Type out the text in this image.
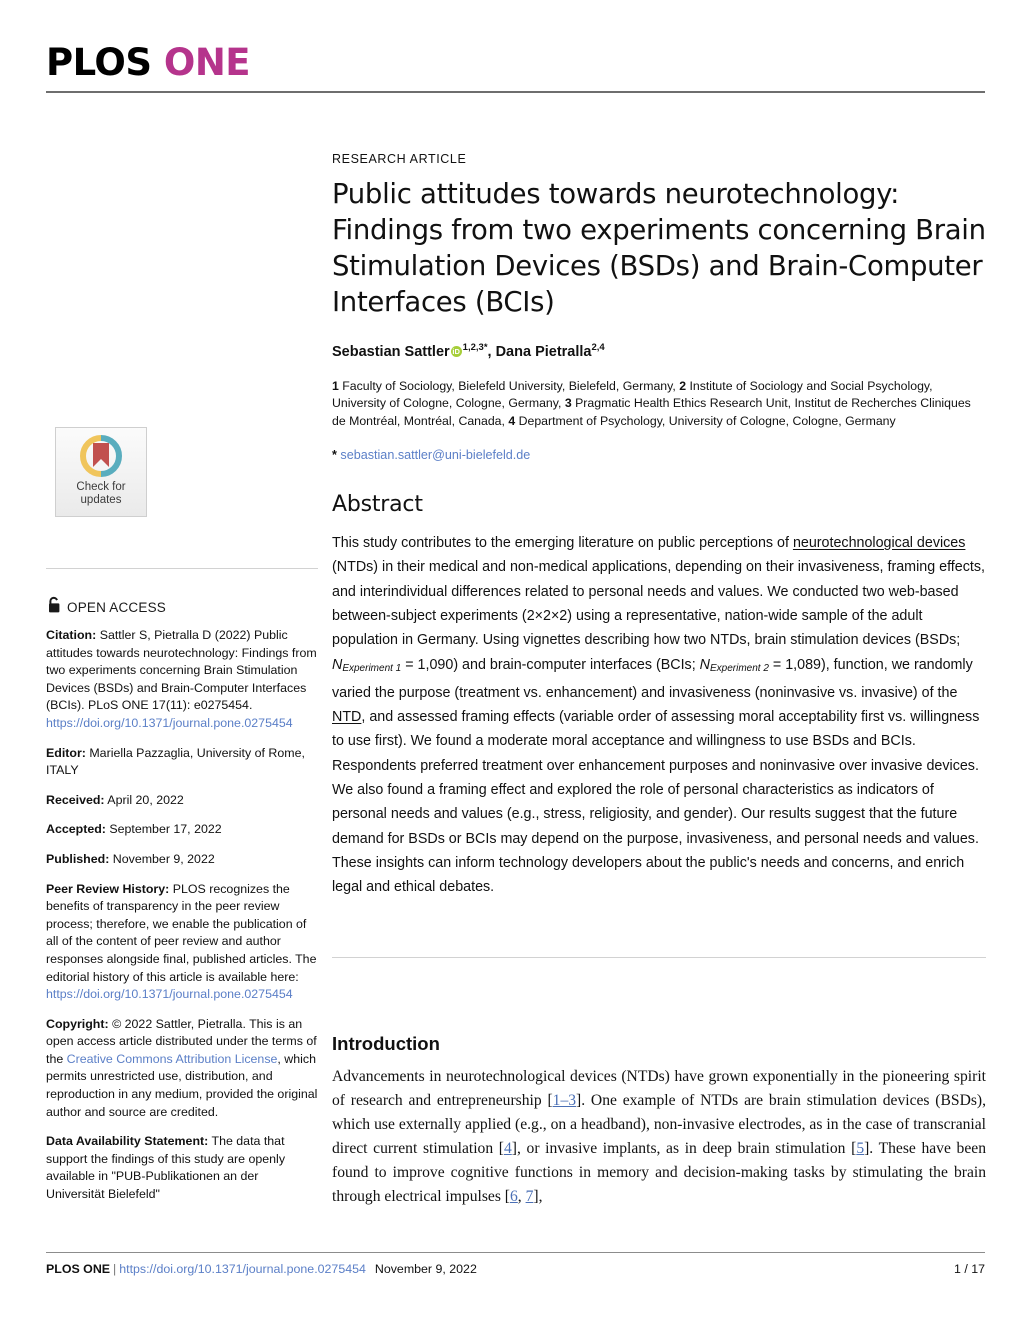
PLOS ONE
Check for
updates
OPEN ACCESS
Citation: Sattler S, Pietralla D (2022) Public attitudes towards neurotechnology: Findings from two experiments concerning Brain Stimulation Devices (BSDs) and Brain-Computer Interfaces (BCIs). PLoS ONE 17(11): e0275454. https://doi.org/10.1371/journal.pone.0275454
Editor: Mariella Pazzaglia, University of Rome, ITALY
Received: April 20, 2022
Accepted: September 17, 2022
Published: November 9, 2022
Peer Review History: PLOS recognizes the benefits of transparency in the peer review process; therefore, we enable the publication of all of the content of peer review and author responses alongside final, published articles. The editorial history of this article is available here: https://doi.org/10.1371/journal.pone.0275454
Copyright: © 2022 Sattler, Pietralla. This is an open access article distributed under the terms of the Creative Commons Attribution License, which permits unrestricted use, distribution, and reproduction in any medium, provided the original author and source are credited.
Data Availability Statement: The data that support the findings of this study are openly available in "PUB-Publikationen an der Universität Bielefeld"
RESEARCH ARTICLE
Public attitudes towards neurotechnology: Findings from two experiments concerning Brain Stimulation Devices (BSDs) and Brain-Computer Interfaces (BCIs)
Sebastian Sattler iD $^{1,2,3*}$, Dana Pietralla$^{2,4}$
1 Faculty of Sociology, Bielefeld University, Bielefeld, Germany, 2 Institute of Sociology and Social Psychology, University of Cologne, Cologne, Germany, 3 Pragmatic Health Ethics Research Unit, Institut de Recherches Cliniques de Montréal, Montréal, Canada, 4 Department of Psychology, University of Cologne, Cologne, Germany
* sebastian.sattler@uni-bielefeld.de
Abstract

This study contributes to the emerging literature on public perceptions of neurotechnological devices (NTDs) in their medical and non-medical applications, depending on their invasiveness, framing effects, and interindividual differences related to personal needs and values. We conducted two web-based between-subject experiments (2×2×2) using a representative, nation-wide sample of the adult population in Germany. Using vignettes describing how two NTDs, brain stimulation devices (BSDs; $N_{Experiment 1} = 1,090$) and brain-computer interfaces (BCIs; $N_{Experiment 2} = 1,089$), function, we randomly varied the purpose (treatment vs. enhancement) and invasiveness (noninvasive vs. invasive) of the NTD, and assessed framing effects (variable order of assessing moral acceptability first vs. willingness to use first). We found a moderate moral acceptance and willingness to use BSDs and BCIs. Respondents preferred treatment over enhancement purposes and noninvasive over invasive devices. We also found a framing effect and explored the role of personal characteristics as indicators of personal needs and values (e.g., stress, religiosity, and gender). Our results suggest that the future demand for BSDs or BCIs may depend on the purpose, invasiveness, and personal needs and values. These insights can inform technology developers about the public's needs and concerns, and enrich legal and ethical debates.

Introduction

Advancements in neurotechnological devices (NTDs) have grown exponentially in the pioneering spirit of research and entrepreneurship [1–3]. One example of NTDs are brain stimulation devices (BSDs), which use externally applied (e.g., on a headband), non-invasive electrodes, as in the case of transcranial direct current stimulation [4], or invasive implants, as in deep brain stimulation [5]. These have been found to improve cognitive functions in memory and decision-making tasks by stimulating the brain through electrical impulses [6, 7],

PLOS ONE | https://doi.org/10.1371/journal.pone.0275454 November 9, 2022	1 / 17
